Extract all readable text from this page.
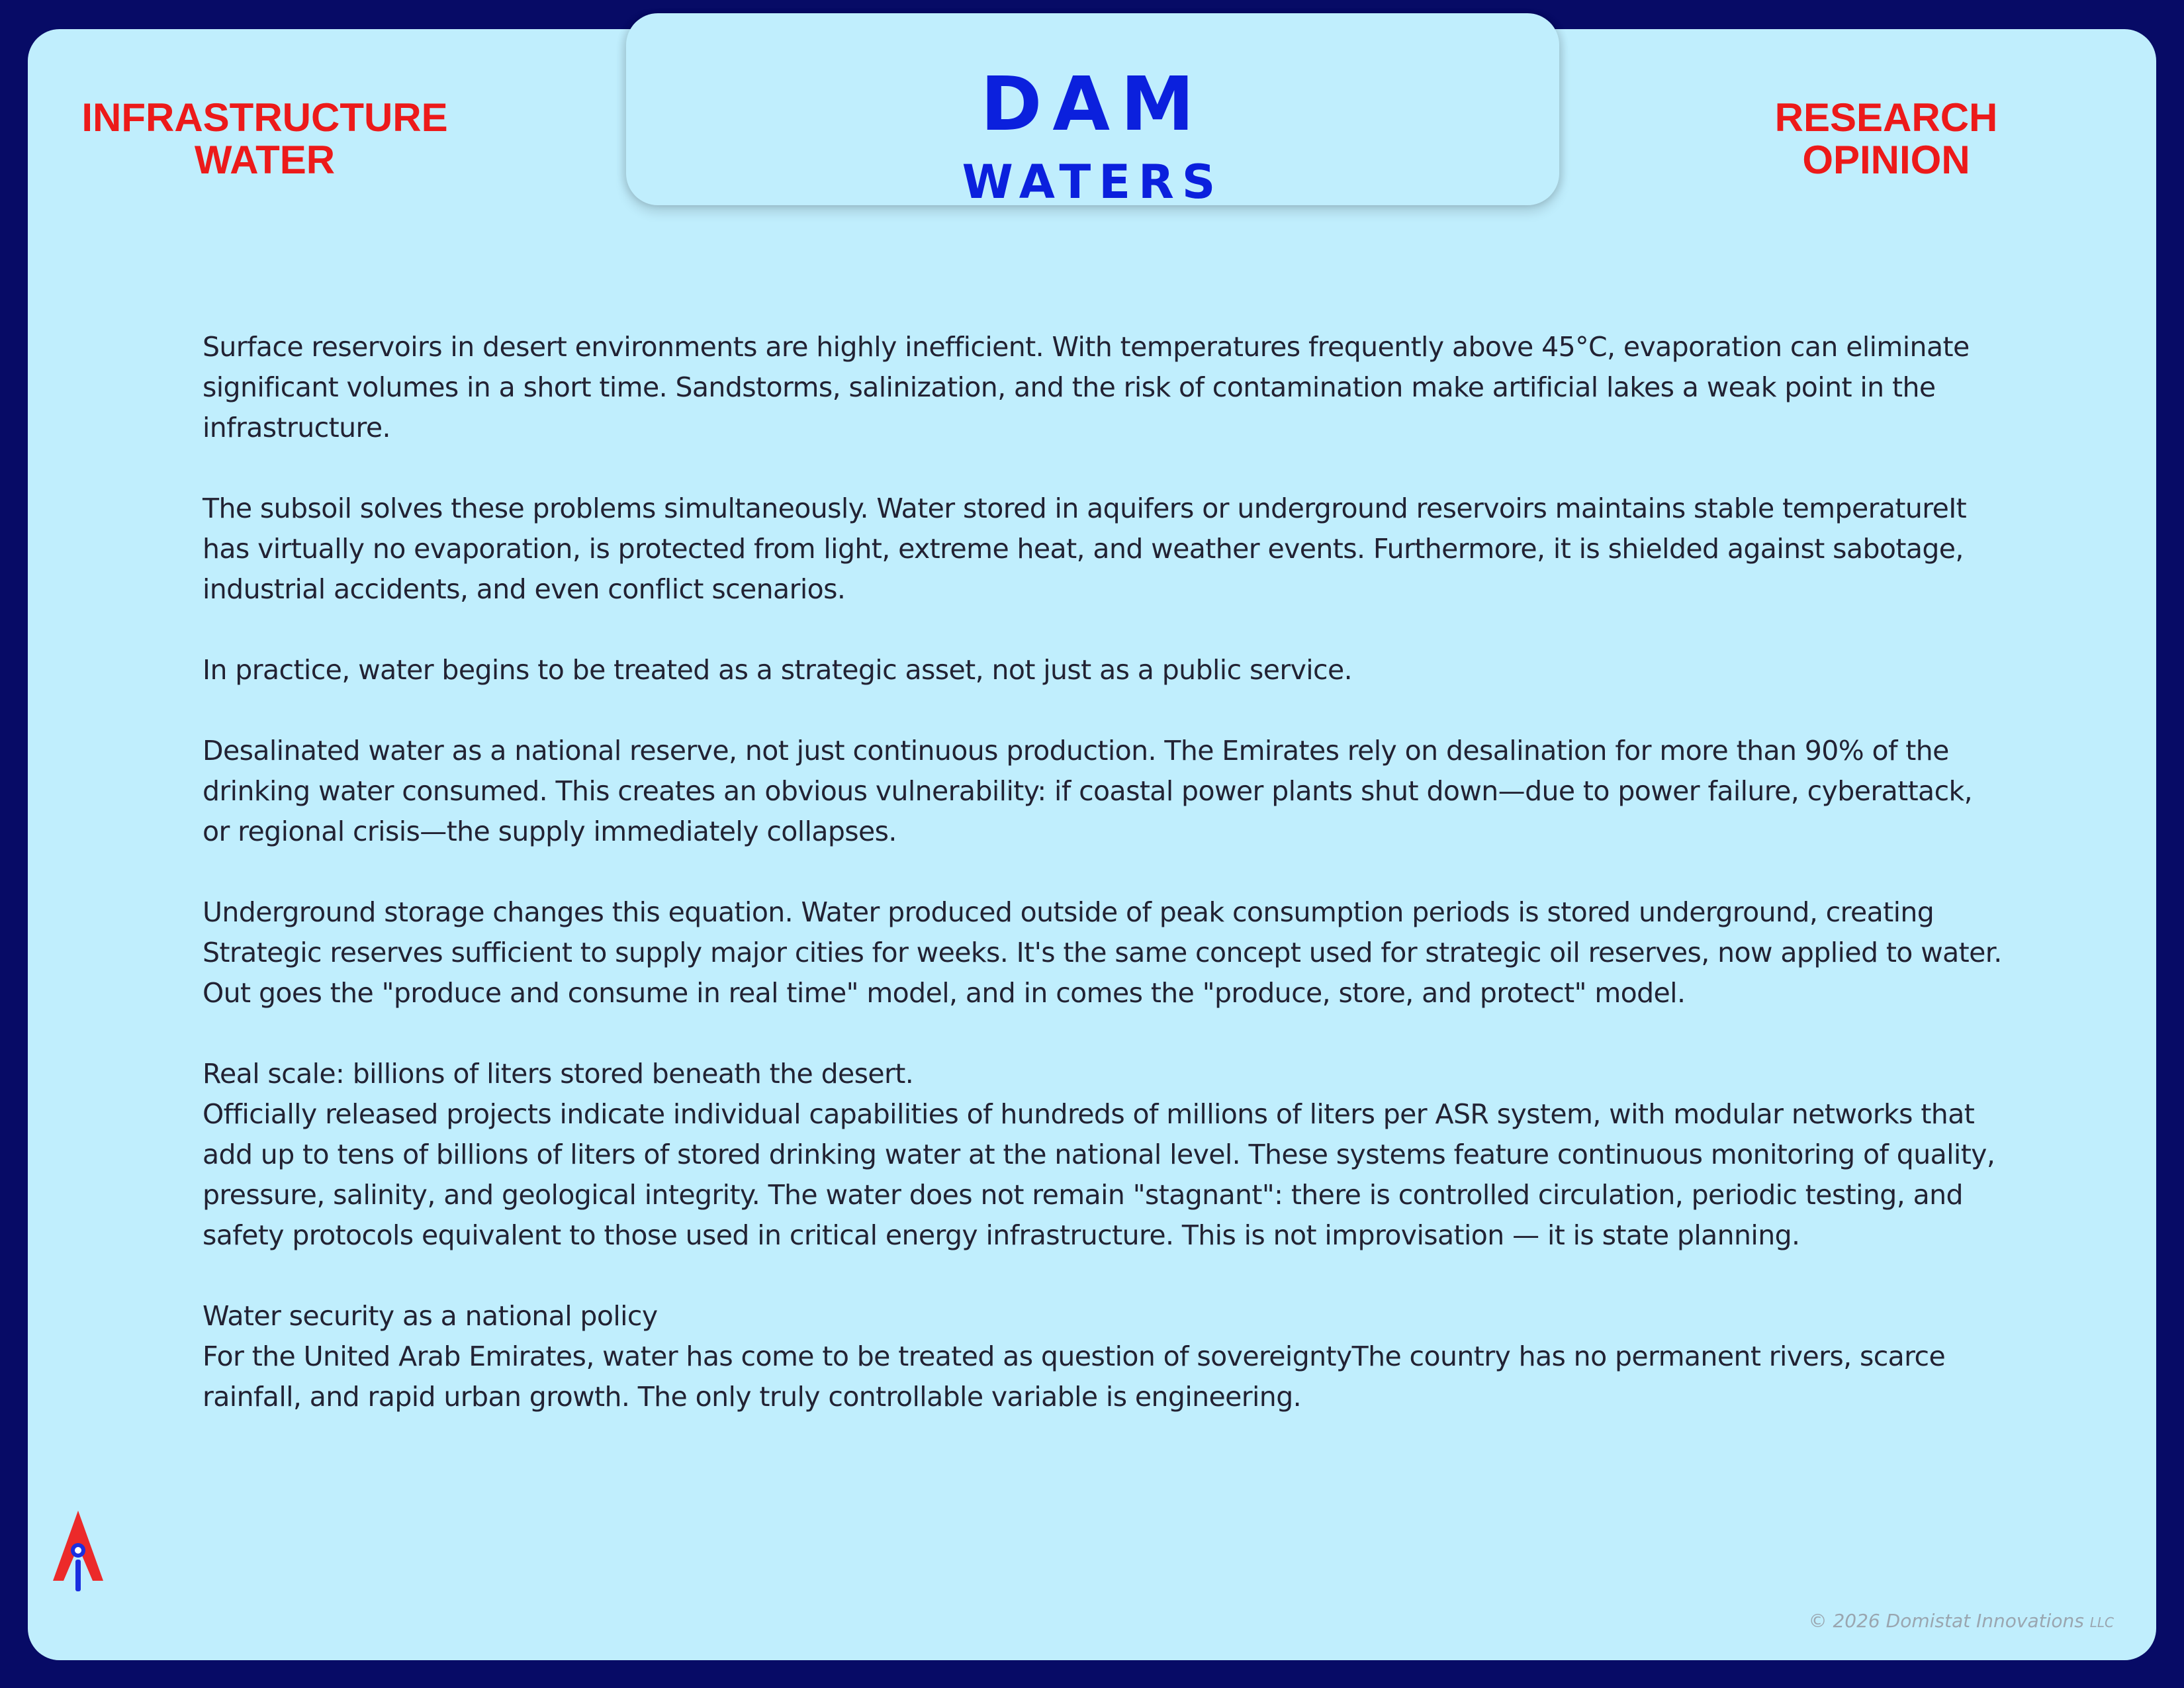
DAM
WATERS
INFRASTRUCTURE
WATER
RESEARCH
OPINION

Surface reservoirs in desert environments are highly inefficient. With temperatures frequently above 45°C, evaporation can eliminate significant volumes in a short time. Sandstorms, salinization, and the risk of contamination make artificial lakes a weak point in the infrastructure.

The subsoil solves these problems simultaneously. Water stored in aquifers or underground reservoirs maintains stable temperatureIt has virtually no evaporation, is protected from light, extreme heat, and weather events. Furthermore, it is shielded against sabotage, industrial accidents, and even conflict scenarios.

In practice, water begins to be treated as a strategic asset, not just as a public service.

Desalinated water as a national reserve, not just continuous production. The Emirates rely on desalination for more than 90% of the drinking water consumed. This creates an obvious vulnerability: if coastal power plants shut down—due to power failure, cyberattack, or regional crisis—the supply immediately collapses.

Underground storage changes this equation. Water produced outside of peak consumption periods is stored underground, creating Strategic reserves sufficient to supply major cities for weeks. It's the same concept used for strategic oil reserves, now applied to water. Out goes the "produce and consume in real time" model, and in comes the "produce, store, and protect" model.

Real scale: billions of liters stored beneath the desert.
Officially released projects indicate individual capabilities of hundreds of millions of liters per ASR system, with modular networks that add up to tens of billions of liters of stored drinking water at the national level. These systems feature continuous monitoring of quality, pressure, salinity, and geological integrity. The water does not remain "stagnant": there is controlled circulation, periodic testing, and safety protocols equivalent to those used in critical energy infrastructure. This is not improvisation — it is state planning.

Water security as a national policy
For the United Arab Emirates, water has come to be treated as question of sovereigntyThe country has no permanent rivers, scarce rainfall, and rapid urban growth. The only truly controllable variable is engineering.

© 2026 Domistat Innovations LLC
